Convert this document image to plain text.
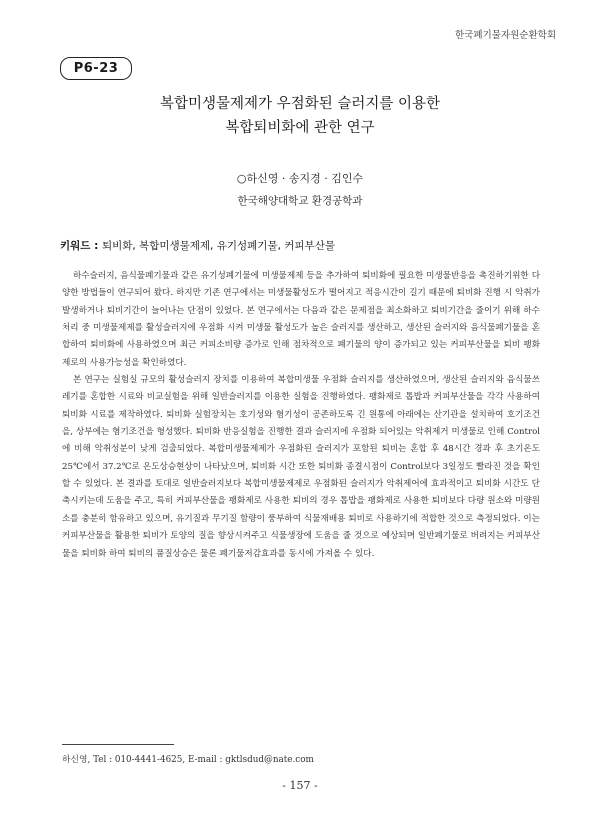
한국폐기물자원순환학회
P6-23
복합미생물제제가 우점화된 슬러지를 이용한
복합퇴비화에 관한 연구
○하신영 · 송지경 · 김인수
한국해양대학교 환경공학과
키워드 : 퇴비화, 복합미생물제제, 유기성폐기물, 커피부산물

하수슬러지, 음식물폐기물과 같은 유기성폐기물에 미생물제제 등을 추가하여 퇴비화에 필요한 미생물반응을 촉진하기위한 다양한 방법들이 연구되어 왔다. 하지만 기존 연구에서는 미생물활성도가 떨어지고 적응시간이 길기 때문에 퇴비화 진행 시 악취가 발생하거나 퇴비기간이 늘어나는 단점이 있었다. 본 연구에서는 다음과 같은 문제점을 최소화하고 퇴비기간을 줄이기 위해 하수처리 중 미생물제제를 활성슬러지에 우점화 시켜 미생물 활성도가 높은 슬러지를 생산하고, 생산된 슬러지와 음식물폐기물을 혼합하여 퇴비화에 사용하였으며 최근 커피소비량 증가로 인해 점차적으로 폐기물의 양이 증가되고 있는 커피부산물을 퇴비 팽화제로의 사용가능성을 확인하였다.

본 연구는 실험실 규모의 활성슬러지 장치를 이용하여 복합미생물 우점화 슬러지를 생산하였으며, 생산된 슬러지와 음식물쓰레기를 혼합한 시료와 비교실험을 위해 일반슬러지를 이용한 실험을 진행하였다. 팽화제로 톱밥과 커피부산물을 각각 사용하여 퇴비화 시료를 제작하였다. 퇴비화 실험장치는 호기성와 혐기성이 공존하도록 긴 원통에 아래에는 산기관을 설치하여 호기조건을, 상부에는 혐기조건을 형성했다. 퇴비화 반응실험을 진행한 결과 슬러지에 우점화 되어있는 악취제거 미생물로 인해 Control에 비해 악취성분이 낮게 검출되었다. 복합미생물제제가 우점화된 슬러지가 포함된 퇴비는 혼합 후 48시간 경과 후 초기온도 25℃에서 37.2℃로 온도상승현상이 나타났으며, 퇴비화 시간 또한 퇴비화 종결시점이 Control보다 3일정도 빨라진 것을 확인할 수 있었다. 본 결과를 토대로 일반슬러지보다 복합미생물제제로 우점화된 슬러지가 악취제어에 효과적이고 퇴비화 시간도 단축시키는데 도움을 주고, 특히 커피부산물을 팽화제로 사용한 퇴비의 경우 톱밥을 팽화제로 사용한 퇴비보다 다량 원소와 미량원소를 충분히 함유하고 있으며, 유기질과 무기질 함량이 풍부하여 식물재배용 퇴비로 사용하기에 적합한 것으로 측정되었다. 이는 커피부산물을 활용한 퇴비가 토양의 질을 향상시켜주고 식물생장에 도움을 줄 것으로 예상되며 일반폐기물로 버려지는 커피부산물을 퇴비화 하여 퇴비의 품질상승은 물론 폐기물저감효과를 동시에 가져올 수 있다.

하신영, Tel : 010-4441-4625, E-mail : gktlsdud@nate.com
- 157 -
